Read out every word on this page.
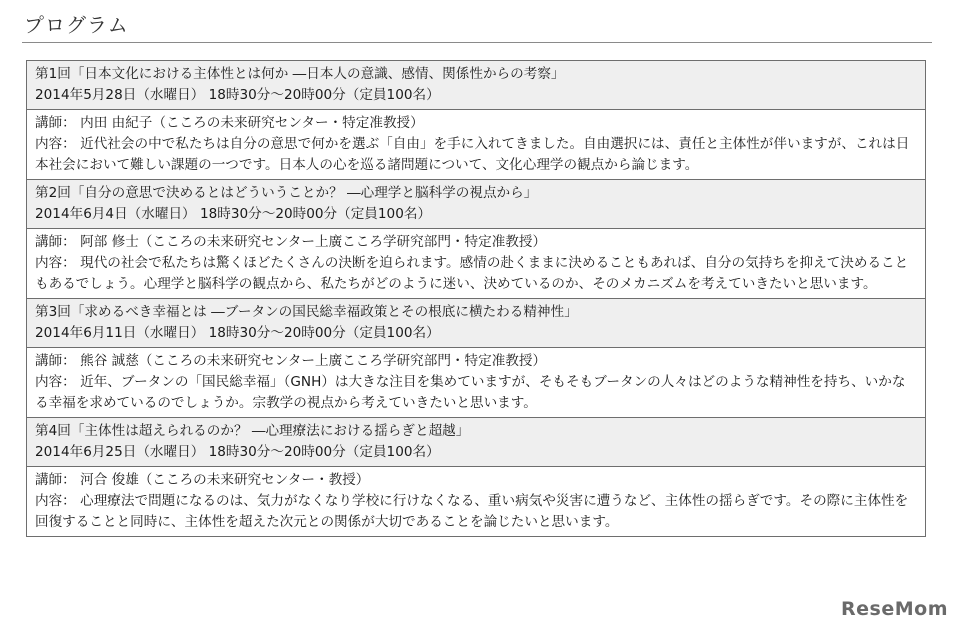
プログラム
第1回「日本文化における主体性とは何か ―日本人の意識、感情、関係性からの考察」
2014年5月28日（水曜日） 18時30分～20時00分（定員100名）
講師： 内田 由紀子（こころの未来研究センター・特定准教授）
内容： 近代社会の中で私たちは自分の意思で何かを選ぶ「自由」を手に入れてきました。自由選択には、責任と主体性が伴いますが、これは日本社会において難しい課題の一つです。日本人の心を巡る諸問題について、文化心理学の観点から論じます。
第2回「自分の意思で決めるとはどういうことか？ ―心理学と脳科学の視点から」
2014年6月4日（水曜日） 18時30分～20時00分（定員100名）
講師： 阿部 修士（こころの未来研究センター上廣こころ学研究部門・特定准教授）
内容： 現代の社会で私たちは驚くほどたくさんの決断を迫られます。感情の赴くままに決めることもあれば、自分の気持ちを抑えて決めることもあるでしょう。心理学と脳科学の観点から、私たちがどのように迷い、決めているのか、そのメカニズムを考えていきたいと思います。
第3回「求めるべき幸福とは ―ブータンの国民総幸福政策とその根底に横たわる精神性」
2014年6月11日（水曜日） 18時30分～20時00分（定員100名）
講師： 熊谷 誠慈（こころの未来研究センター上廣こころ学研究部門・特定准教授）
内容： 近年、ブータンの「国民総幸福」（GNH）は大きな注目を集めていますが、そもそもブータンの人々はどのような精神性を持ち、いかなる幸福を求めているのでしょうか。宗教学の視点から考えていきたいと思います。
第4回「主体性は超えられるのか？ ―心理療法における揺らぎと超越」
2014年6月25日（水曜日） 18時30分～20時00分（定員100名）
講師： 河合 俊雄（こころの未来研究センター・教授）
内容： 心理療法で問題になるのは、気力がなくなり学校に行けなくなる、重い病気や災害に遭うなど、主体性の揺らぎです。その際に主体性を回復することと同時に、主体性を超えた次元との関係が大切であることを論じたいと思います。
ReseMom
